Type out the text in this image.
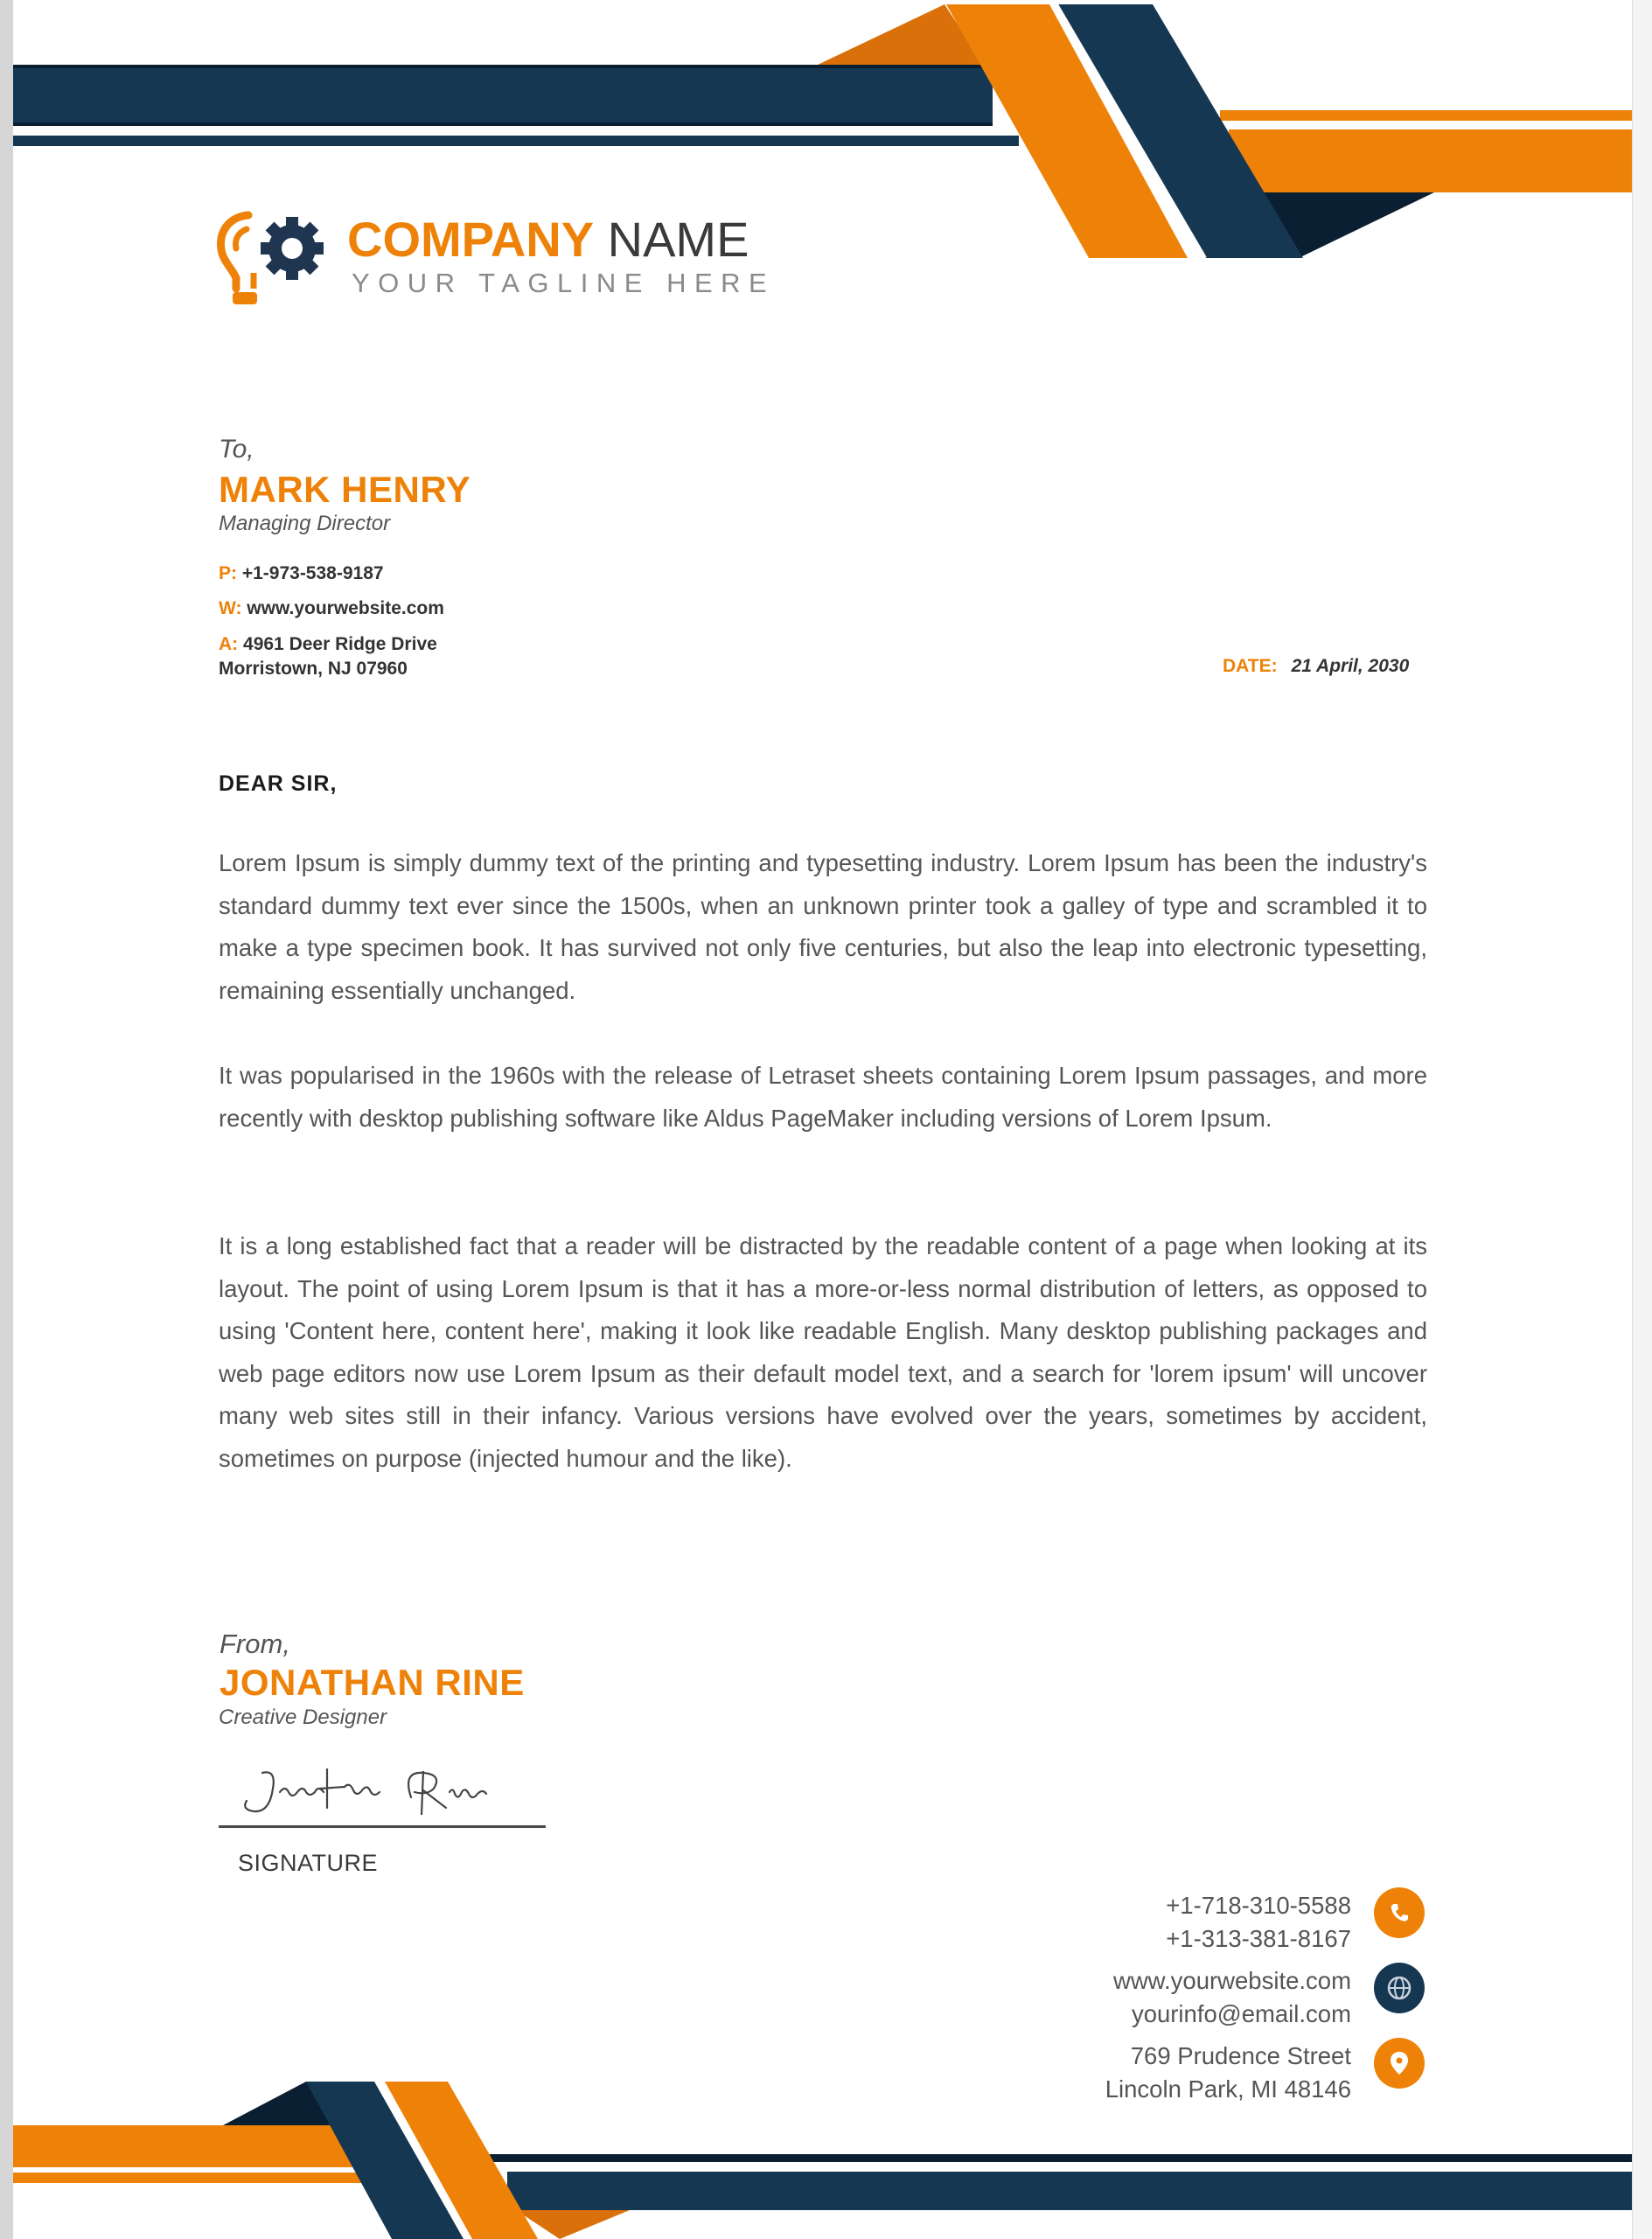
COMPANY NAME
YOUR TAGLINE HERE
To,
MARK HENRY
Managing Director
P: +1-973-538-9187
W: www.yourwebsite.com
A: 4961 Deer Ridge Drive
Morristown, NJ 07960	DATE: 21 April, 2030
DEAR SIR,
Lorem Ipsum is simply dummy text of the printing and typesetting industry. Lorem Ipsum has been the industry's standard dummy text ever since the 1500s, when an unknown printer took a galley of type and scrambled it to make a type specimen book. It has survived not only five centuries, but also the leap into electronic typesetting, remaining essentially unchanged.
It was popularised in the 1960s with the release of Letraset sheets containing Lorem Ipsum passages, and more recently with desktop publishing software like Aldus PageMaker including versions of Lorem Ipsum.
It is a long established fact that a reader will be distracted by the readable content of a page when looking at its layout. The point of using Lorem Ipsum is that it has a more-or-less normal distribution of letters, as opposed to using 'Content here, content here', making it look like readable English. Many desktop publishing packages and web page editors now use Lorem Ipsum as their default model text, and a search for 'lorem ipsum' will uncover many web sites still in their infancy. Various versions have evolved over the years, sometimes by accident, sometimes on purpose (injected humour and the like).
From,
JONATHAN RINE
Creative Designer
SIGNATURE
+1-718-310-5588
+1-313-381-8167
www.yourwebsite.com
yourinfo@email.com
769 Prudence Street
Lincoln Park, MI 48146
